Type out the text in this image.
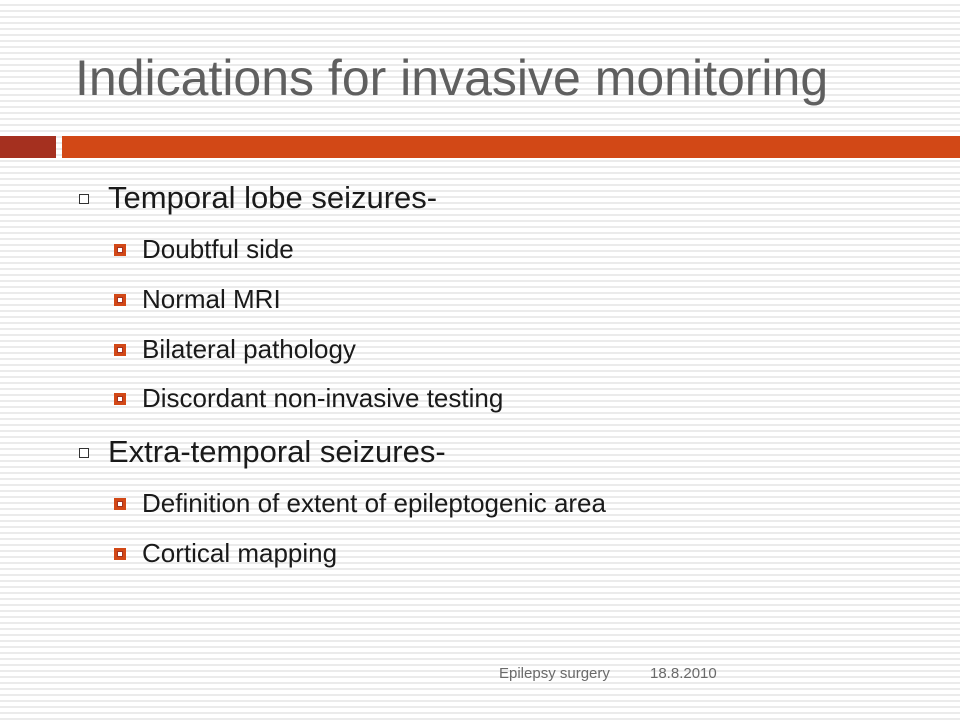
Indications for invasive monitoring
Temporal lobe seizures-
Doubtful side
Normal MRI
Bilateral pathology
Discordant non-invasive testing
Extra-temporal seizures-
Definition of extent of epileptogenic area
Cortical mapping
Epilepsy surgery	18.8.2010
